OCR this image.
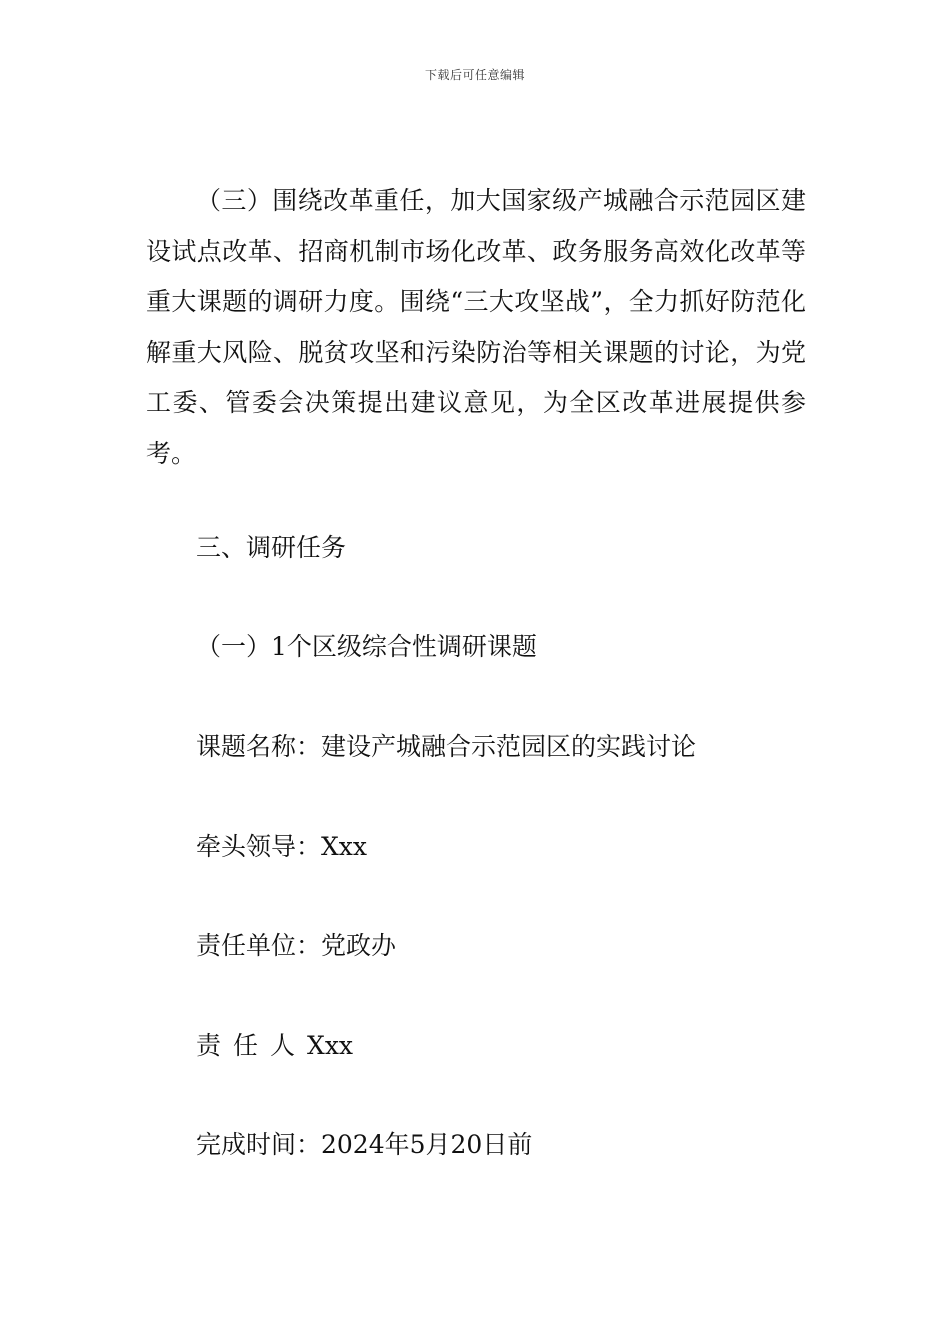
下载后可任意编辑

（三）围绕改革重任，加大国家级产城融合示范园区建设试点改革、招商机制市场化改革、政务服务高效化改革等重大课题的调研力度。围绕“三大攻坚战”，全力抓好防范化解重大风险、脱贫攻坚和污染防治等相关课题的讨论，为党工委、管委会决策提出建议意见，为全区改革进展提供参考。

三、调研任务

（一）1个区级综合性调研课题

课题名称：建设产城融合示范园区的实践讨论

牵头领导：Xxx

责任单位：党政办

责任人Xxx

完成时间：2024年5月20日前
